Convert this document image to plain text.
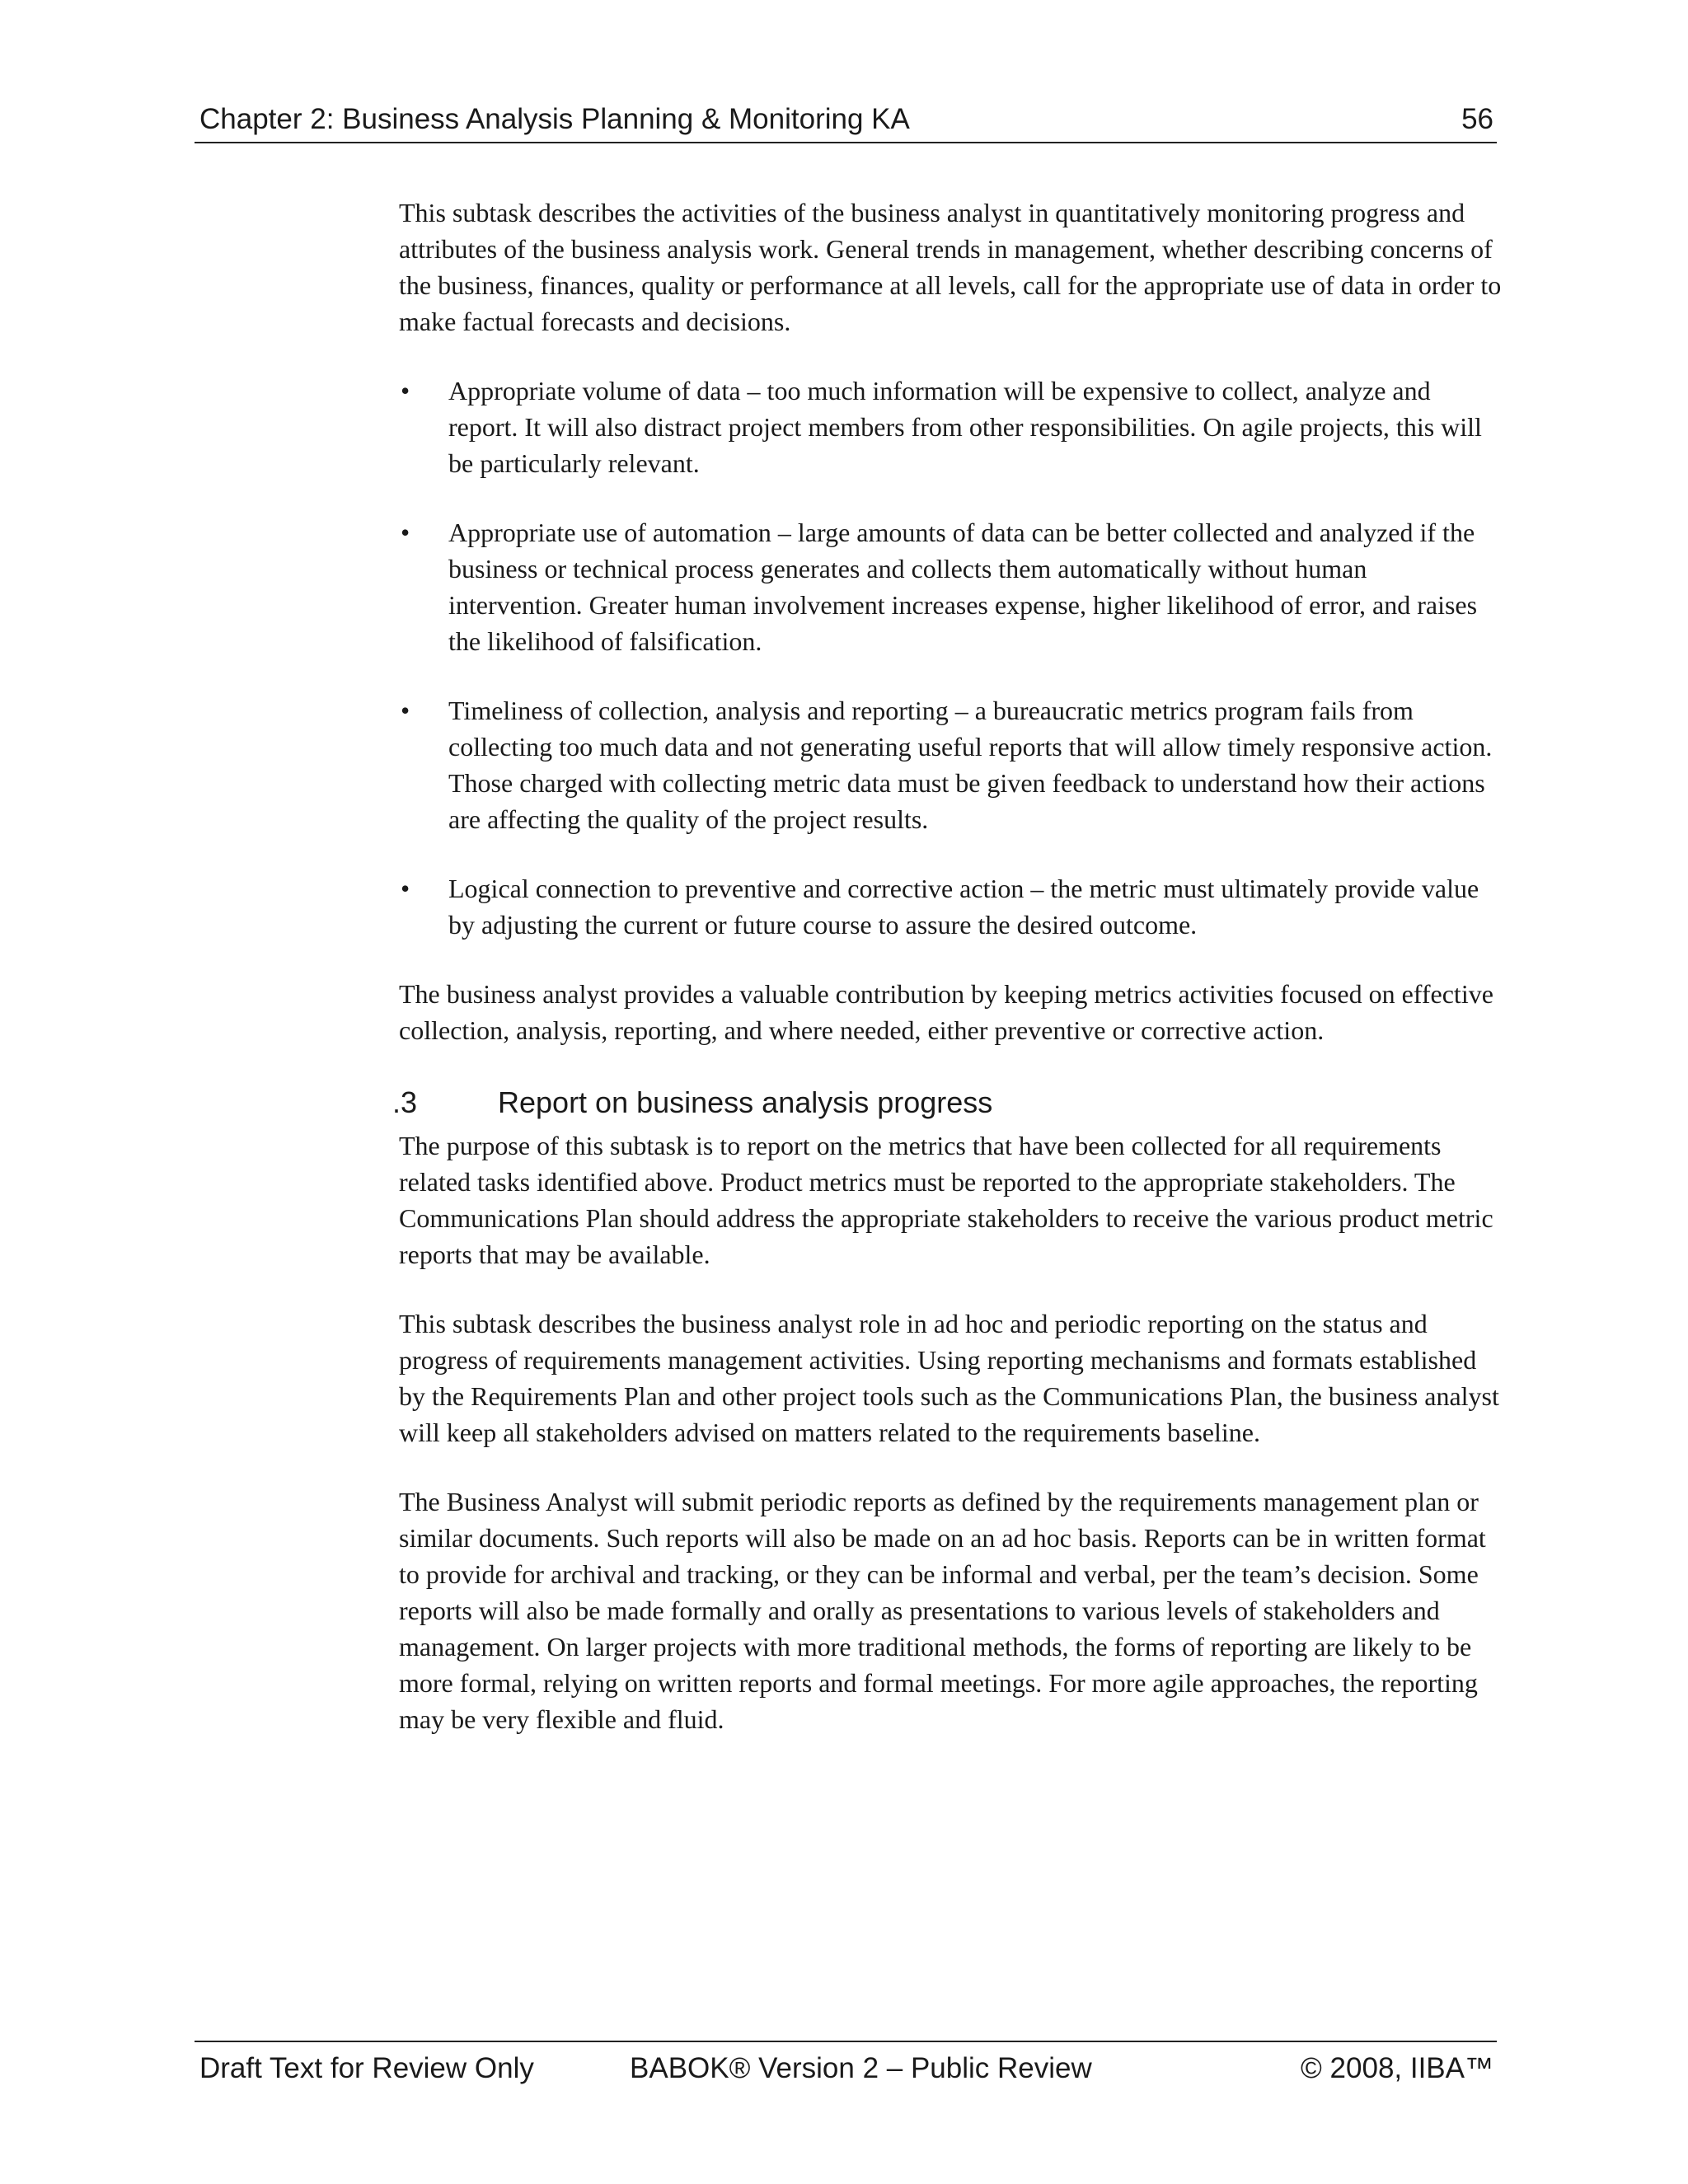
Chapter 2: Business Analysis Planning & Monitoring KA	56

This subtask describes the activities of the business analyst in quantitatively monitoring progress and attributes of the business analysis work. General trends in management, whether describing concerns of the business, finances, quality or performance at all levels, call for the appropriate use of data in order to make factual forecasts and decisions.

• Appropriate volume of data – too much information will be expensive to collect, analyze and report. It will also distract project members from other responsibilities. On agile projects, this will be particularly relevant.
• Appropriate use of automation – large amounts of data can be better collected and analyzed if the business or technical process generates and collects them automatically without human intervention. Greater human involvement increases expense, higher likelihood of error, and raises the likelihood of falsification.
• Timeliness of collection, analysis and reporting – a bureaucratic metrics program fails from collecting too much data and not generating useful reports that will allow timely responsive action. Those charged with collecting metric data must be given feedback to understand how their actions are affecting the quality of the project results.
• Logical connection to preventive and corrective action – the metric must ultimately provide value by adjusting the current or future course to assure the desired outcome.

The business analyst provides a valuable contribution by keeping metrics activities focused on effective collection, analysis, reporting, and where needed, either preventive or corrective action.

.3	Report on business analysis progress

The purpose of this subtask is to report on the metrics that have been collected for all requirements related tasks identified above. Product metrics must be reported to the appropriate stakeholders. The Communications Plan should address the appropriate stakeholders to receive the various product metric reports that may be available.

This subtask describes the business analyst role in ad hoc and periodic reporting on the status and progress of requirements management activities. Using reporting mechanisms and formats established by the Requirements Plan and other project tools such as the Communications Plan, the business analyst will keep all stakeholders advised on matters related to the requirements baseline.

The Business Analyst will submit periodic reports as defined by the requirements management plan or similar documents. Such reports will also be made on an ad hoc basis. Reports can be in written format to provide for archival and tracking, or they can be informal and verbal, per the team’s decision. Some reports will also be made formally and orally as presentations to various levels of stakeholders and management. On larger projects with more traditional methods, the forms of reporting are likely to be more formal, relying on written reports and formal meetings. For more agile approaches, the reporting may be very flexible and fluid.

Draft Text for Review Only	BABOK® Version 2 – Public Review	© 2008, IIBA™
